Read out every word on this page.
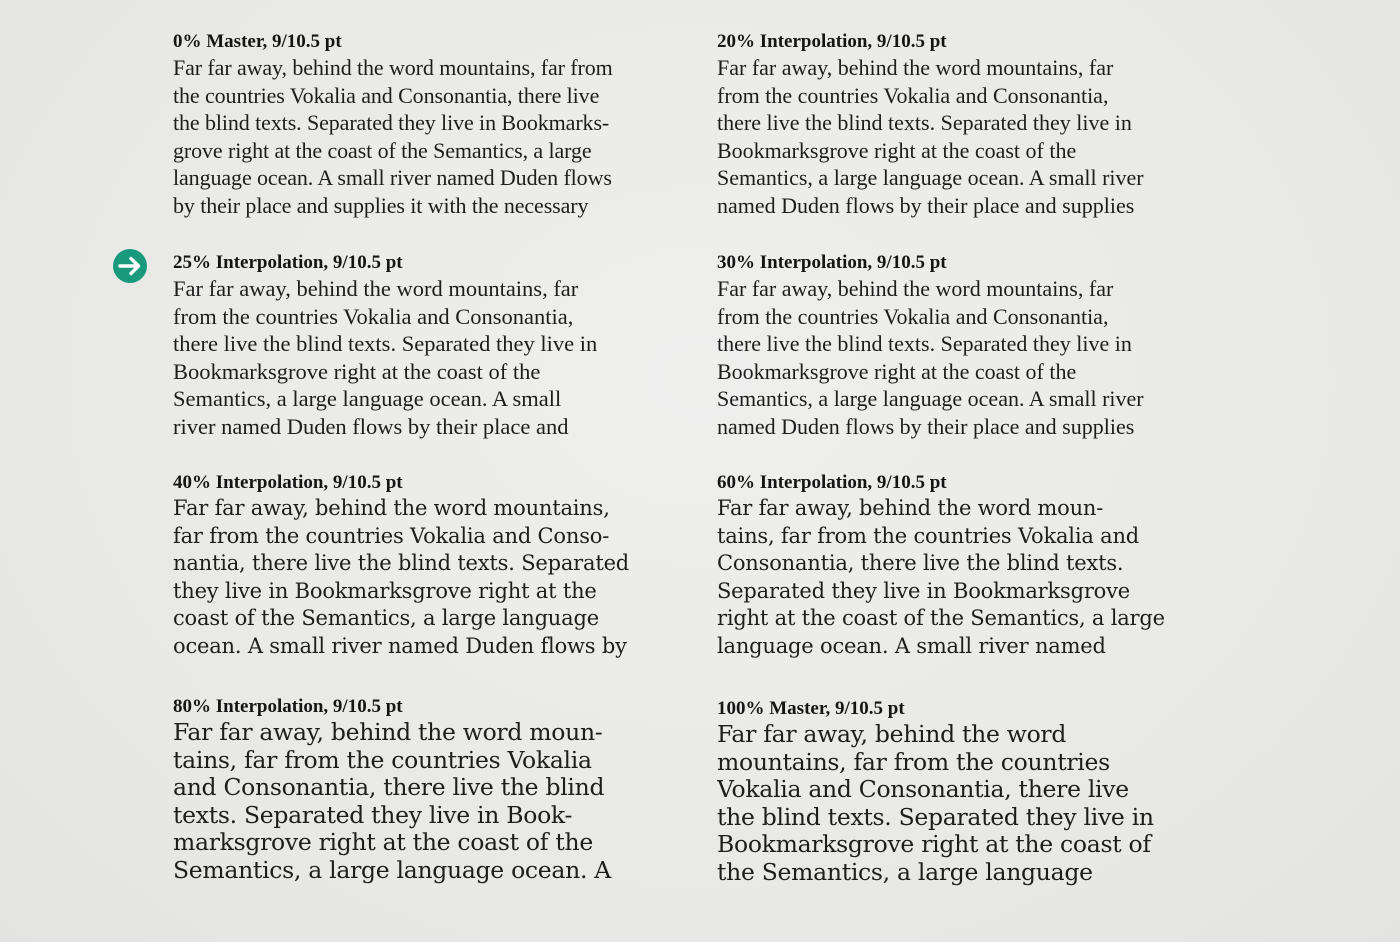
0% Master, 9/10.5 pt
Far far away, behind the word mountains, far from
the countries Vokalia and Consonantia, there live
the blind texts. Separated they live in Bookmarks-
grove right at the coast of the Semantics, a large
language ocean. A small river named Duden flows
by their place and supplies it with the necessary
20% Interpolation, 9/10.5 pt
Far far away, behind the word mountains, far
from the countries Vokalia and Consonantia,
there live the blind texts. Separated they live in
Bookmarksgrove right at the coast of the
Semantics, a large language ocean. A small river
named Duden flows by their place and supplies
25% Interpolation, 9/10.5 pt
Far far away, behind the word mountains, far
from the countries Vokalia and Consonantia,
there live the blind texts. Separated they live in
Bookmarksgrove right at the coast of the
Semantics, a large language ocean. A small
river named Duden flows by their place and
30% Interpolation, 9/10.5 pt
Far far away, behind the word mountains, far
from the countries Vokalia and Consonantia,
there live the blind texts. Separated they live in
Bookmarksgrove right at the coast of the
Semantics, a large language ocean. A small river
named Duden flows by their place and supplies
40% Interpolation, 9/10.5 pt
Far far away, behind the word mountains,
far from the countries Vokalia and Conso-
nantia, there live the blind texts. Separated
they live in Bookmarksgrove right at the
coast of the Semantics, a large language
ocean. A small river named Duden flows by
60% Interpolation, 9/10.5 pt
Far far away, behind the word moun-
tains, far from the countries Vokalia and
Consonantia, there live the blind texts.
Separated they live in Bookmarksgrove
right at the coast of the Semantics, a large
language ocean. A small river named
80% Interpolation, 9/10.5 pt
Far far away, behind the word moun-
tains, far from the countries Vokalia
and Consonantia, there live the blind
texts. Separated they live in Book-
marksgrove right at the coast of the
Semantics, a large language ocean. A
100% Master, 9/10.5 pt
Far far away, behind the word
mountains, far from the countries
Vokalia and Consonantia, there live
the blind texts. Separated they live in
Bookmarksgrove right at the coast of
the Semantics, a large language
